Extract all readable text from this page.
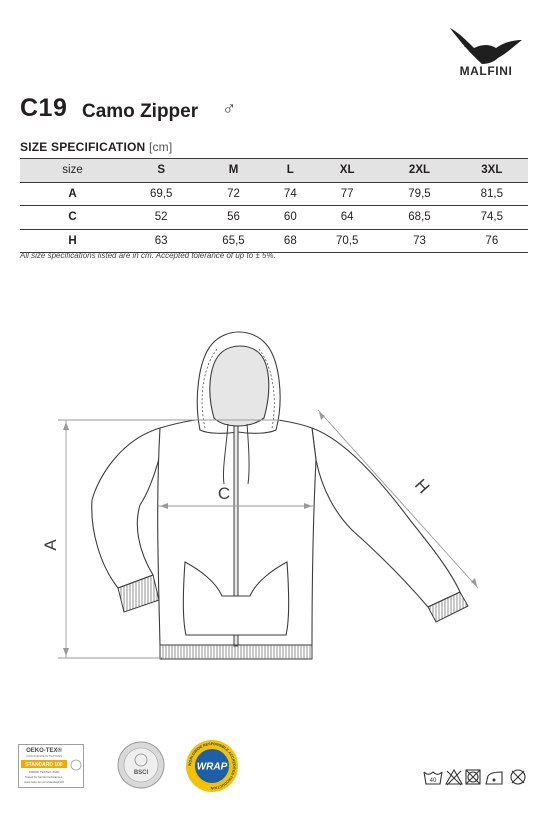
MALFINI
C19 Camo Zipper ♂
SIZE SPECIFICATION [cm]
size	S	M	L	XL	2XL	3XL
A	69,5	72	74	77	79,5	81,5
C	52	56	60	64	68,5	74,5
H	63	65,5	68	70,5	73	76
All size specifications listed are in cm. Accepted tolerance of up to ± 5%.
A
C	H
OEKO-TEX®
CONFIDENCE IN TEXTILES
STANDARD 100
P00000 TESTEX ZÜRI
Tested for harmful substances.
www.oeko-tex.com/standard100
BSCI
WORLDWIDE RESPONSIBLE ACCREDITED PRODUCTION
WRAP
40
